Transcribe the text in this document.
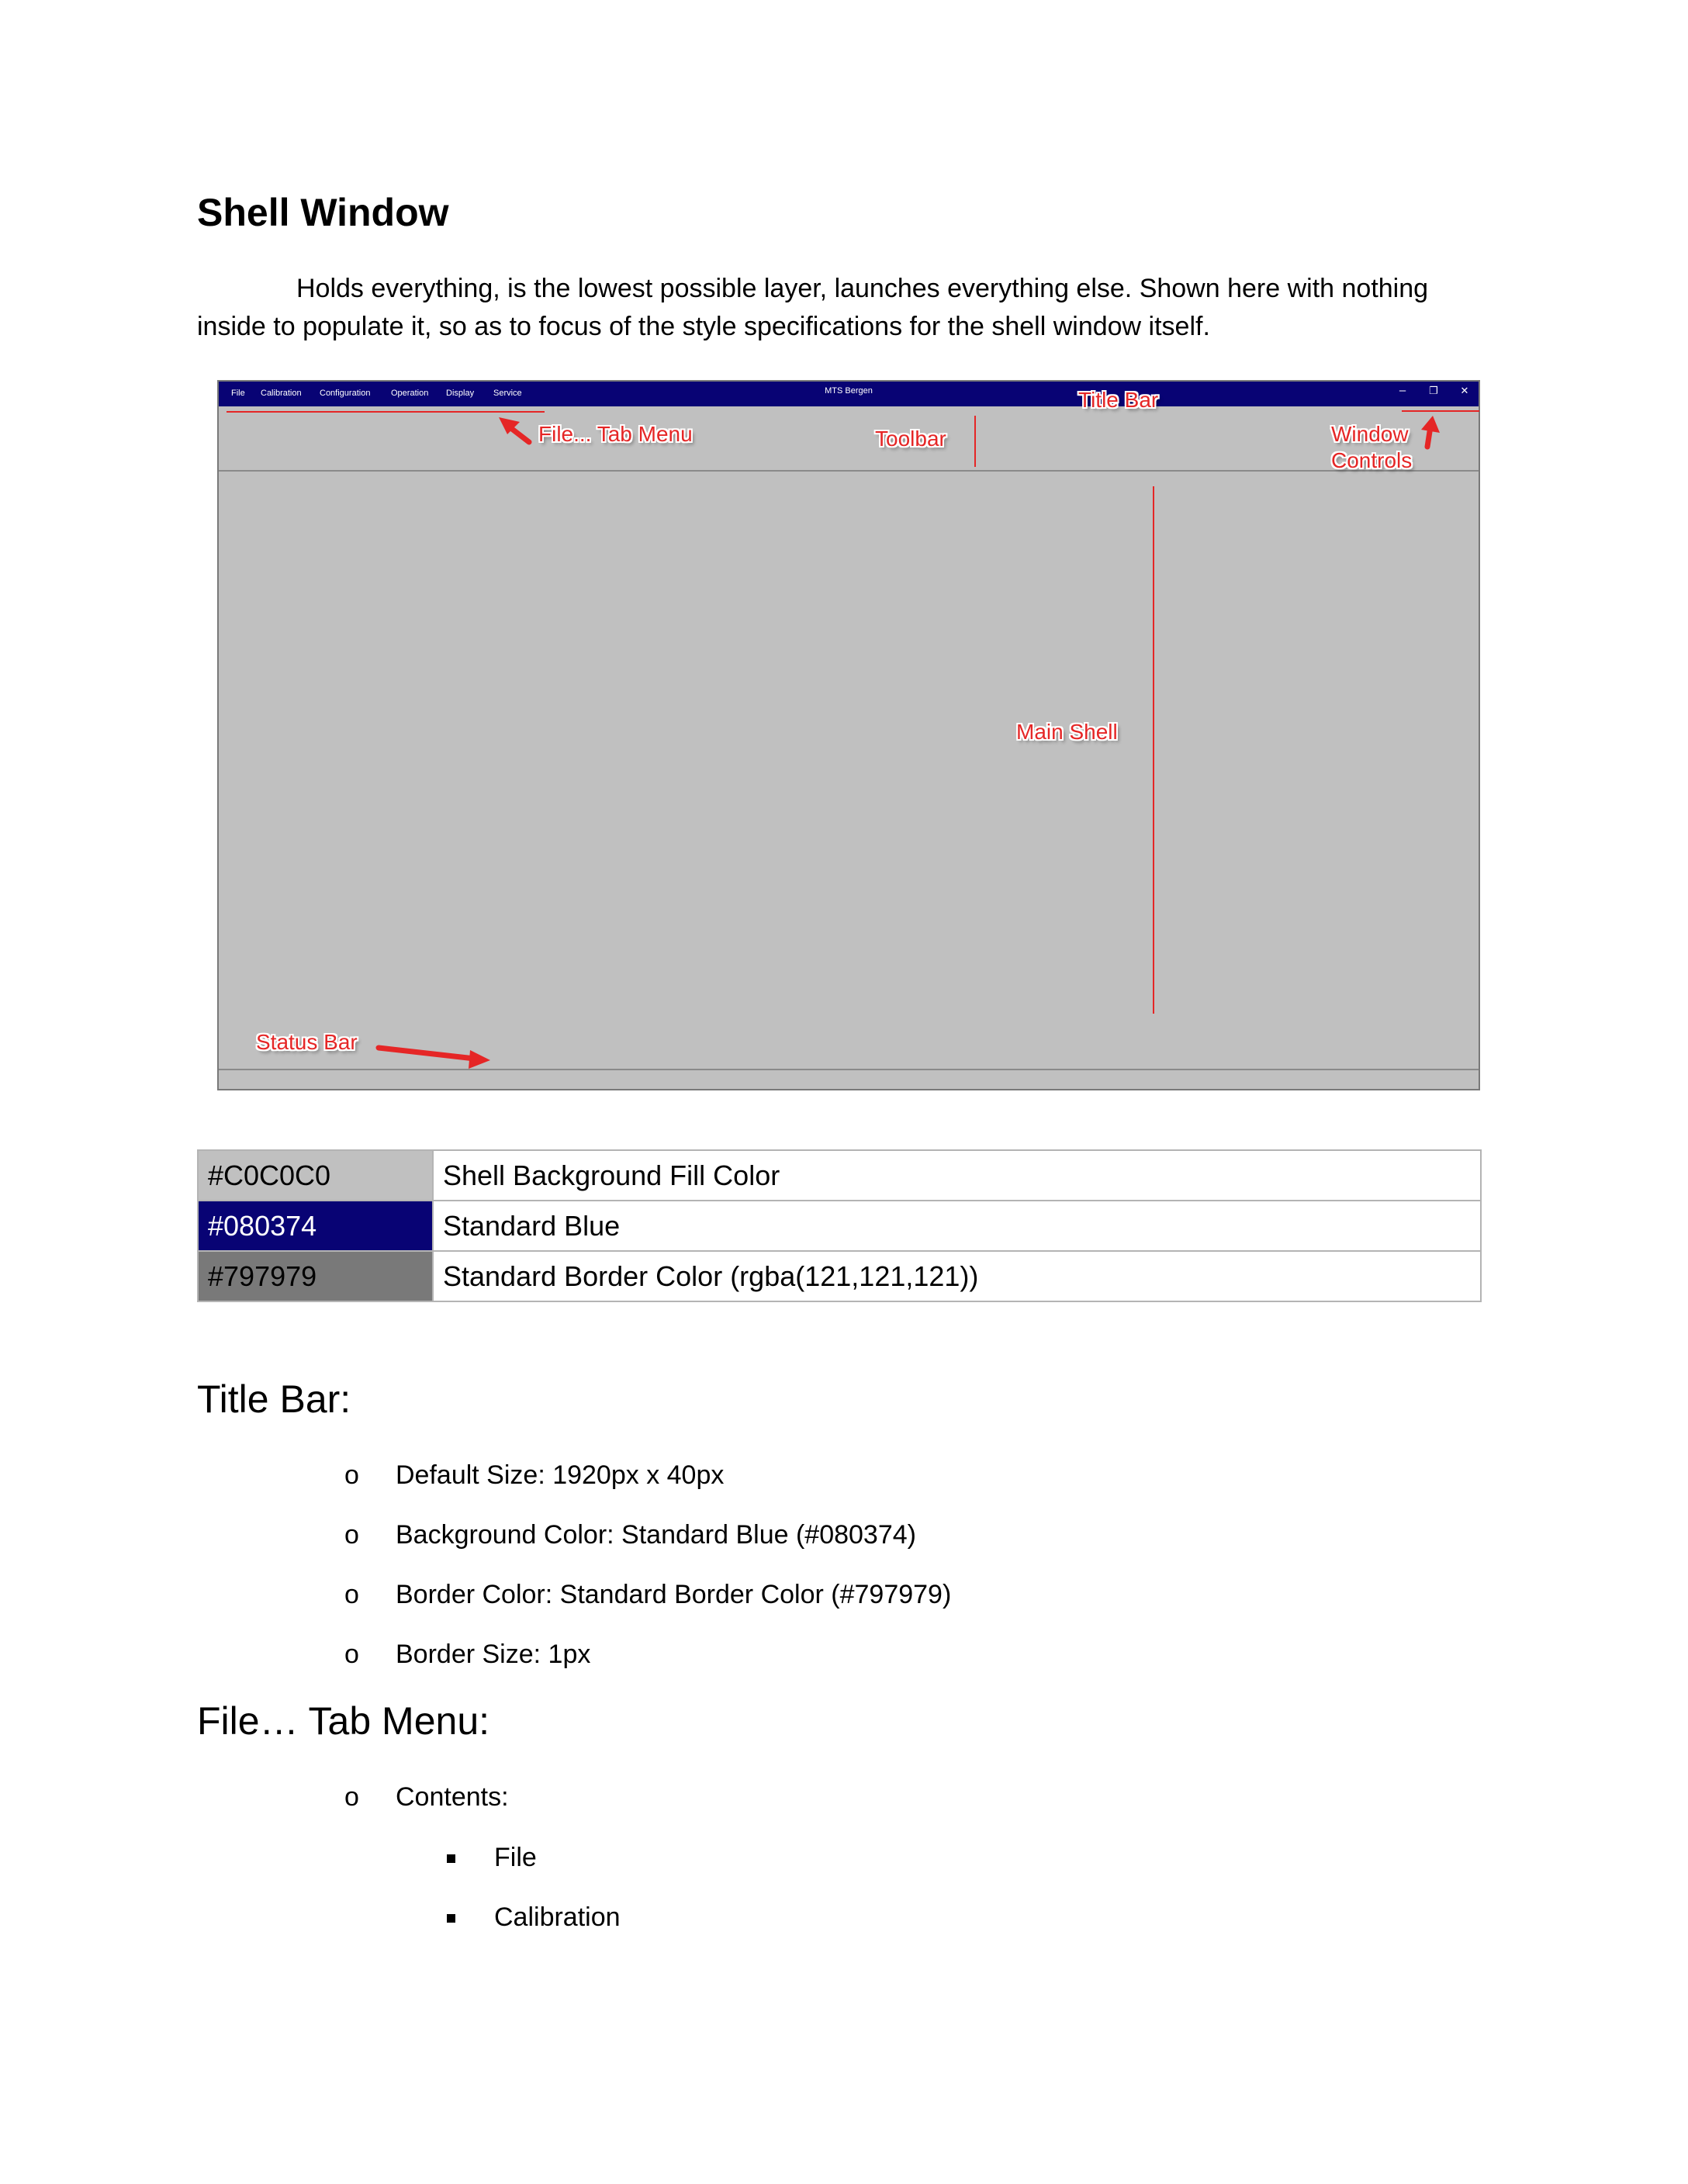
Shell Window

Holds everything, is the lowest possible layer, launches everything else. Shown here with nothing inside to populate it, so as to focus of the style specifications for the shell window itself.

File Calibration Configuration Operation Display Service	MTS Bergen	–	❐	✕
File... Tab Menu	Toolbar
Title Bar
Window
Controls
Main Shell
Status Bar
#C0C0C0	Shell Background Fill Color
#080374	Standard Blue
#797979	Standard Border Color (rgba(121,121,121))
Title Bar:
o	Default Size: 1920px x 40px
o	Background Color: Standard Blue (#080374)
o	Border Color: Standard Border Color (#797979)
o	Border Size: 1px
File… Tab Menu:
o	Contents:
File
Calibration
